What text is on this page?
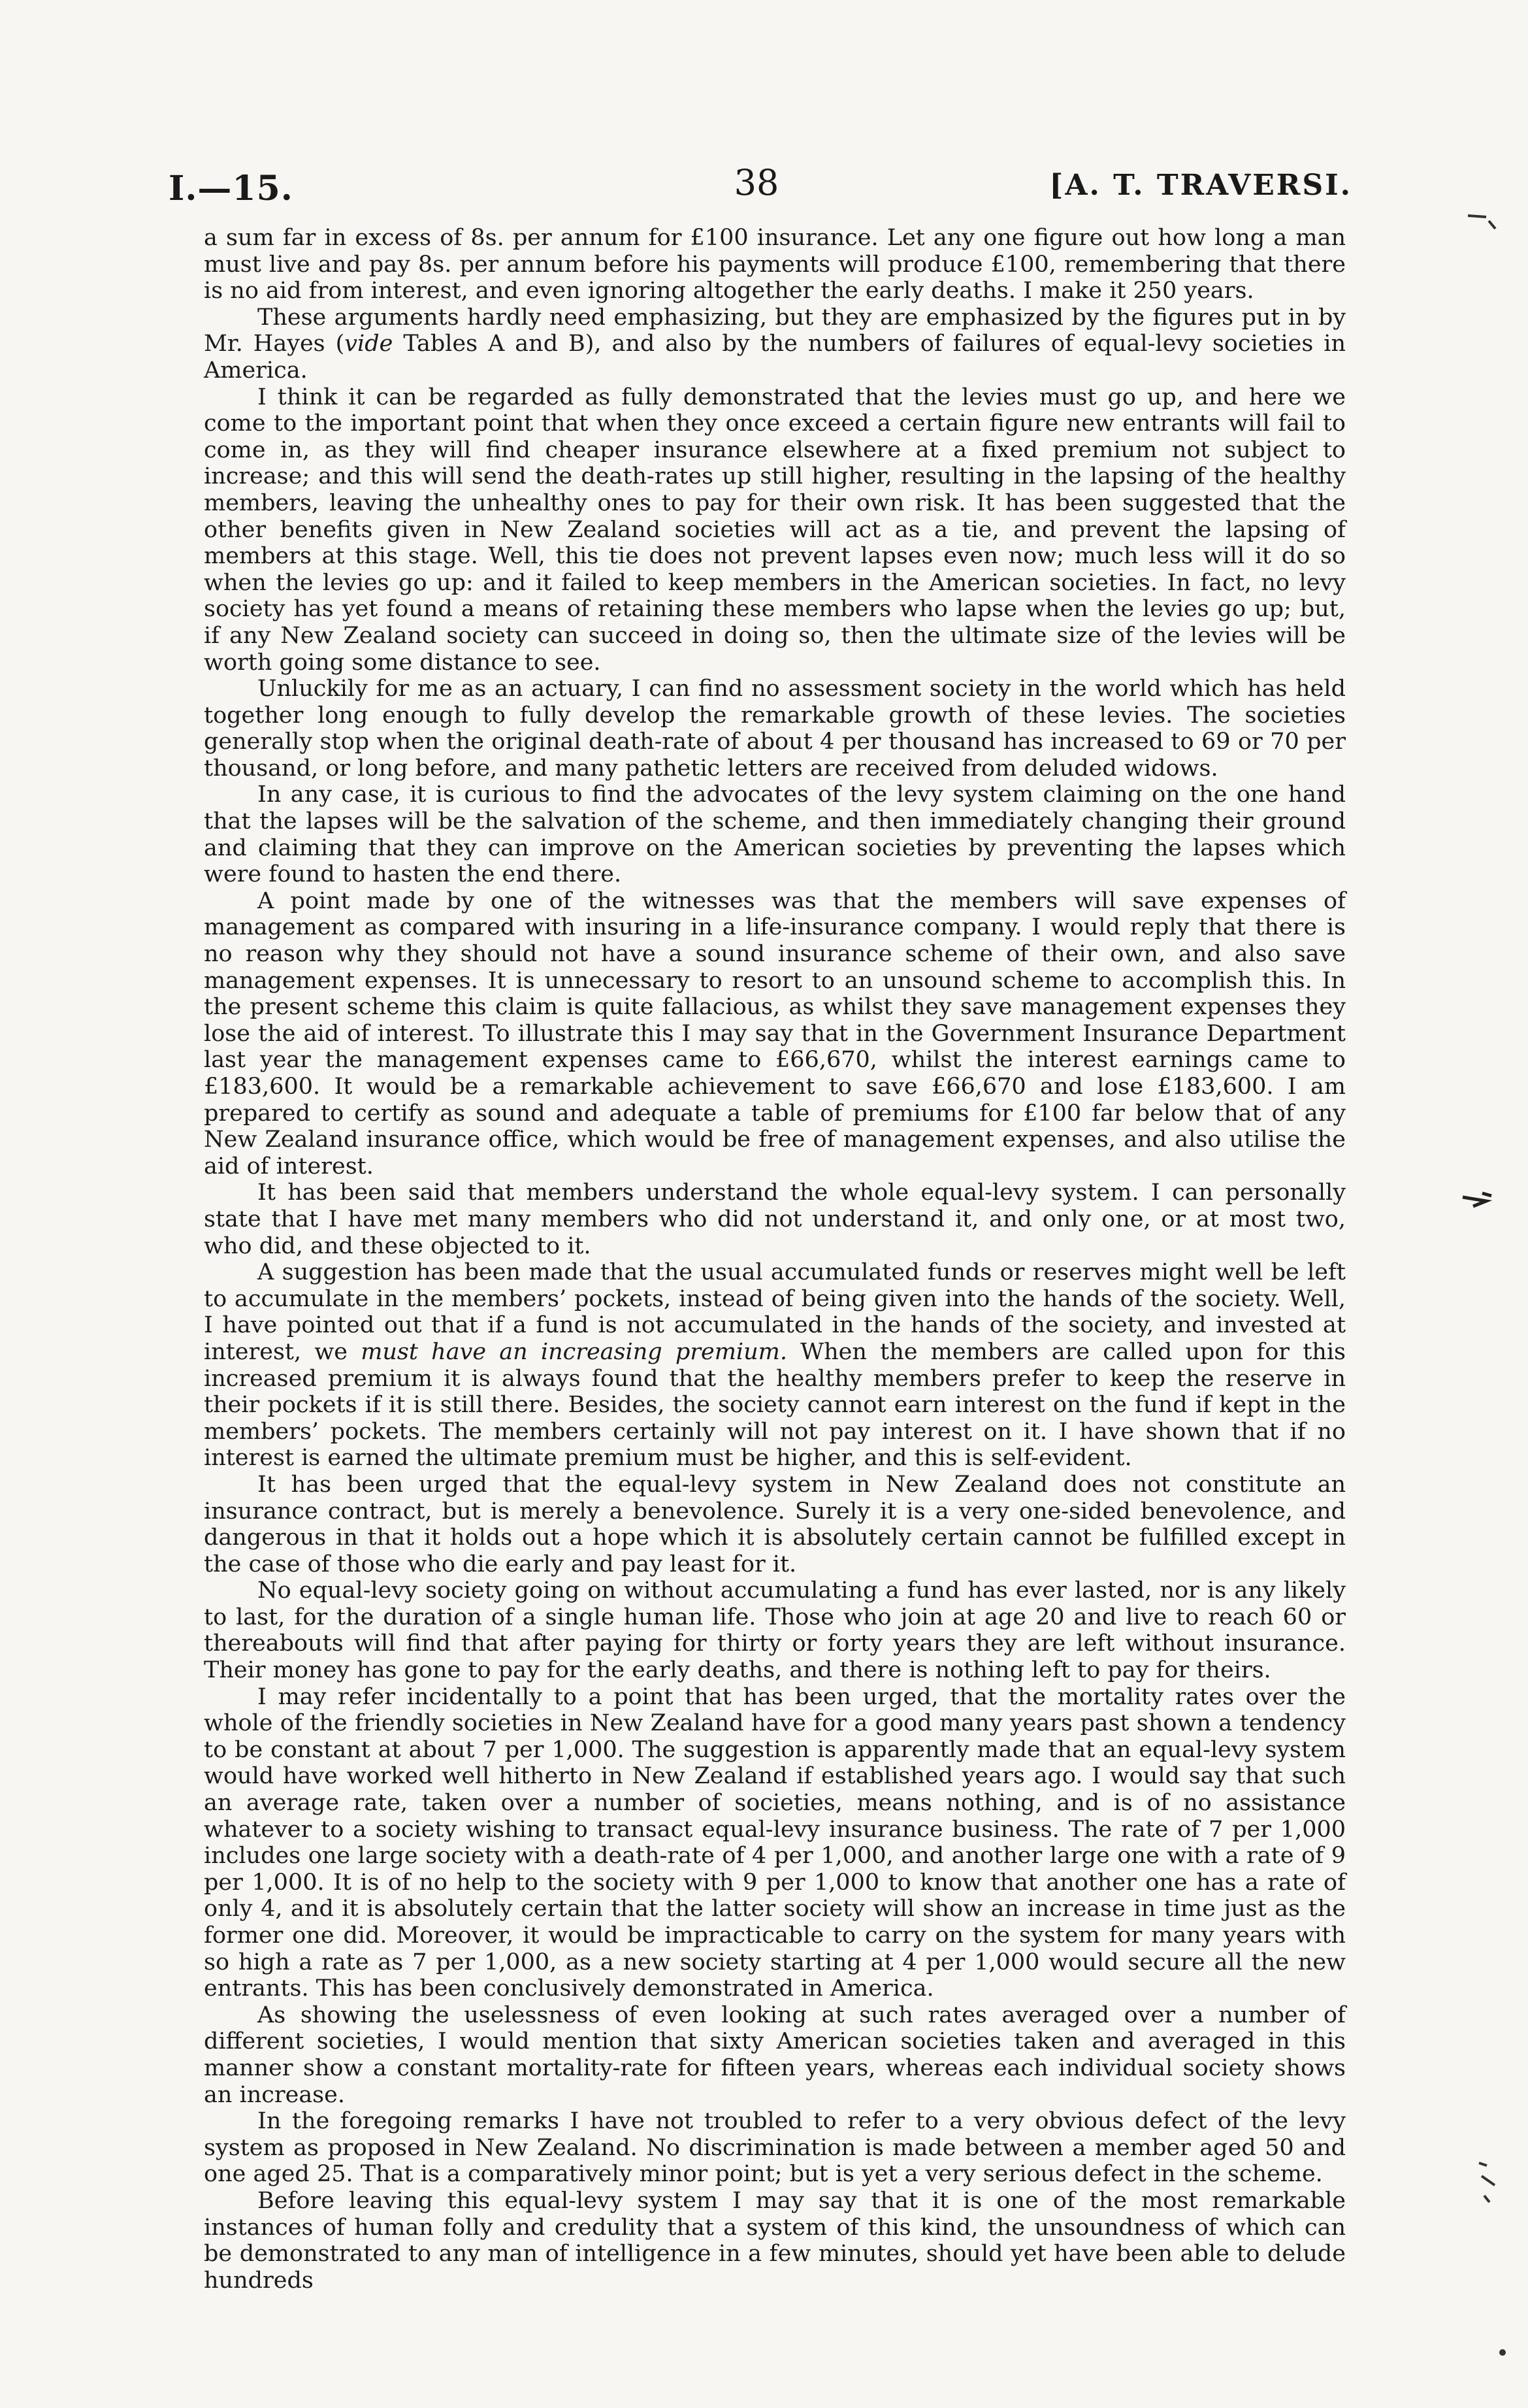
I.—15.	38	[A. T. TRAVERSI.

a sum far in excess of 8s. per annum for £100 insurance. Let any one figure out how long a man must live and pay 8s. per annum before his payments will produce £100, remembering that there is no aid from interest, and even ignoring altogether the early deaths. I make it 250 years.

These arguments hardly need emphasizing, but they are emphasized by the figures put in by Mr. Hayes (vide Tables A and B), and also by the numbers of failures of equal-levy societies in America.

I think it can be regarded as fully demonstrated that the levies must go up, and here we come to the important point that when they once exceed a certain figure new entrants will fail to come in, as they will find cheaper insurance elsewhere at a fixed premium not subject to increase; and this will send the death-rates up still higher, resulting in the lapsing of the healthy members, leaving the unhealthy ones to pay for their own risk. It has been suggested that the other benefits given in New Zealand societies will act as a tie, and prevent the lapsing of members at this stage. Well, this tie does not prevent lapses even now; much less will it do so when the levies go up: and it failed to keep members in the American societies. In fact, no levy society has yet found a means of retaining these members who lapse when the levies go up; but, if any New Zealand society can succeed in doing so, then the ultimate size of the levies will be worth going some distance to see.

Unluckily for me as an actuary, I can find no assessment society in the world which has held together long enough to fully develop the remarkable growth of these levies. The societies generally stop when the original death-rate of about 4 per thousand has increased to 69 or 70 per thousand, or long before, and many pathetic letters are received from deluded widows.

In any case, it is curious to find the advocates of the levy system claiming on the one hand that the lapses will be the salvation of the scheme, and then immediately changing their ground and claiming that they can improve on the American societies by preventing the lapses which were found to hasten the end there.

A point made by one of the witnesses was that the members will save expenses of management as compared with insuring in a life-insurance company. I would reply that there is no reason why they should not have a sound insurance scheme of their own, and also save management expenses. It is unnecessary to resort to an unsound scheme to accomplish this. In the present scheme this claim is quite fallacious, as whilst they save management expenses they lose the aid of interest. To illustrate this I may say that in the Government Insurance Department last year the management expenses came to £66,670, whilst the interest earnings came to £183,600. It would be a remarkable achievement to save £66,670 and lose £183,600. I am prepared to certify as sound and adequate a table of premiums for £100 far below that of any New Zealand insurance office, which would be free of management expenses, and also utilise the aid of interest.

It has been said that members understand the whole equal-levy system. I can personally state that I have met many members who did not understand it, and only one, or at most two, who did, and these objected to it.

A suggestion has been made that the usual accumulated funds or reserves might well be left to accumulate in the members’ pockets, instead of being given into the hands of the society. Well, I have pointed out that if a fund is not accumulated in the hands of the society, and invested at interest, we must have an increasing premium. When the members are called upon for this increased premium it is always found that the healthy members prefer to keep the reserve in their pockets if it is still there. Besides, the society cannot earn interest on the fund if kept in the members’ pockets. The members certainly will not pay interest on it. I have shown that if no interest is earned the ultimate premium must be higher, and this is self-evident.

It has been urged that the equal-levy system in New Zealand does not constitute an insurance contract, but is merely a benevolence. Surely it is a very one-sided benevolence, and dangerous in that it holds out a hope which it is absolutely certain cannot be fulfilled except in the case of those who die early and pay least for it.

No equal-levy society going on without accumulating a fund has ever lasted, nor is any likely to last, for the duration of a single human life. Those who join at age 20 and live to reach 60 or thereabouts will find that after paying for thirty or forty years they are left without insurance. Their money has gone to pay for the early deaths, and there is nothing left to pay for theirs.

I may refer incidentally to a point that has been urged, that the mortality rates over the whole of the friendly societies in New Zealand have for a good many years past shown a tendency to be constant at about 7 per 1,000. The suggestion is apparently made that an equal-levy system would have worked well hitherto in New Zealand if established years ago. I would say that such an average rate, taken over a number of societies, means nothing, and is of no assistance whatever to a society wishing to transact equal-levy insurance business. The rate of 7 per 1,000 includes one large society with a death-rate of 4 per 1,000, and another large one with a rate of 9 per 1,000. It is of no help to the society with 9 per 1,000 to know that another one has a rate of only 4, and it is absolutely certain that the latter society will show an increase in time just as the former one did. Moreover, it would be impracticable to carry on the system for many years with so high a rate as 7 per 1,000, as a new society starting at 4 per 1,000 would secure all the new entrants. This has been conclusively demonstrated in America.

As showing the uselessness of even looking at such rates averaged over a number of different societies, I would mention that sixty American societies taken and averaged in this manner show a constant mortality-rate for fifteen years, whereas each individual society shows an increase.

In the foregoing remarks I have not troubled to refer to a very obvious defect of the levy system as proposed in New Zealand. No discrimination is made between a member aged 50 and one aged 25. That is a comparatively minor point; but is yet a very serious defect in the scheme.

Before leaving this equal-levy system I may say that it is one of the most remarkable instances of human folly and credulity that a system of this kind, the unsoundness of which can be demonstrated to any man of intelligence in a few minutes, should yet have been able to delude hundreds
